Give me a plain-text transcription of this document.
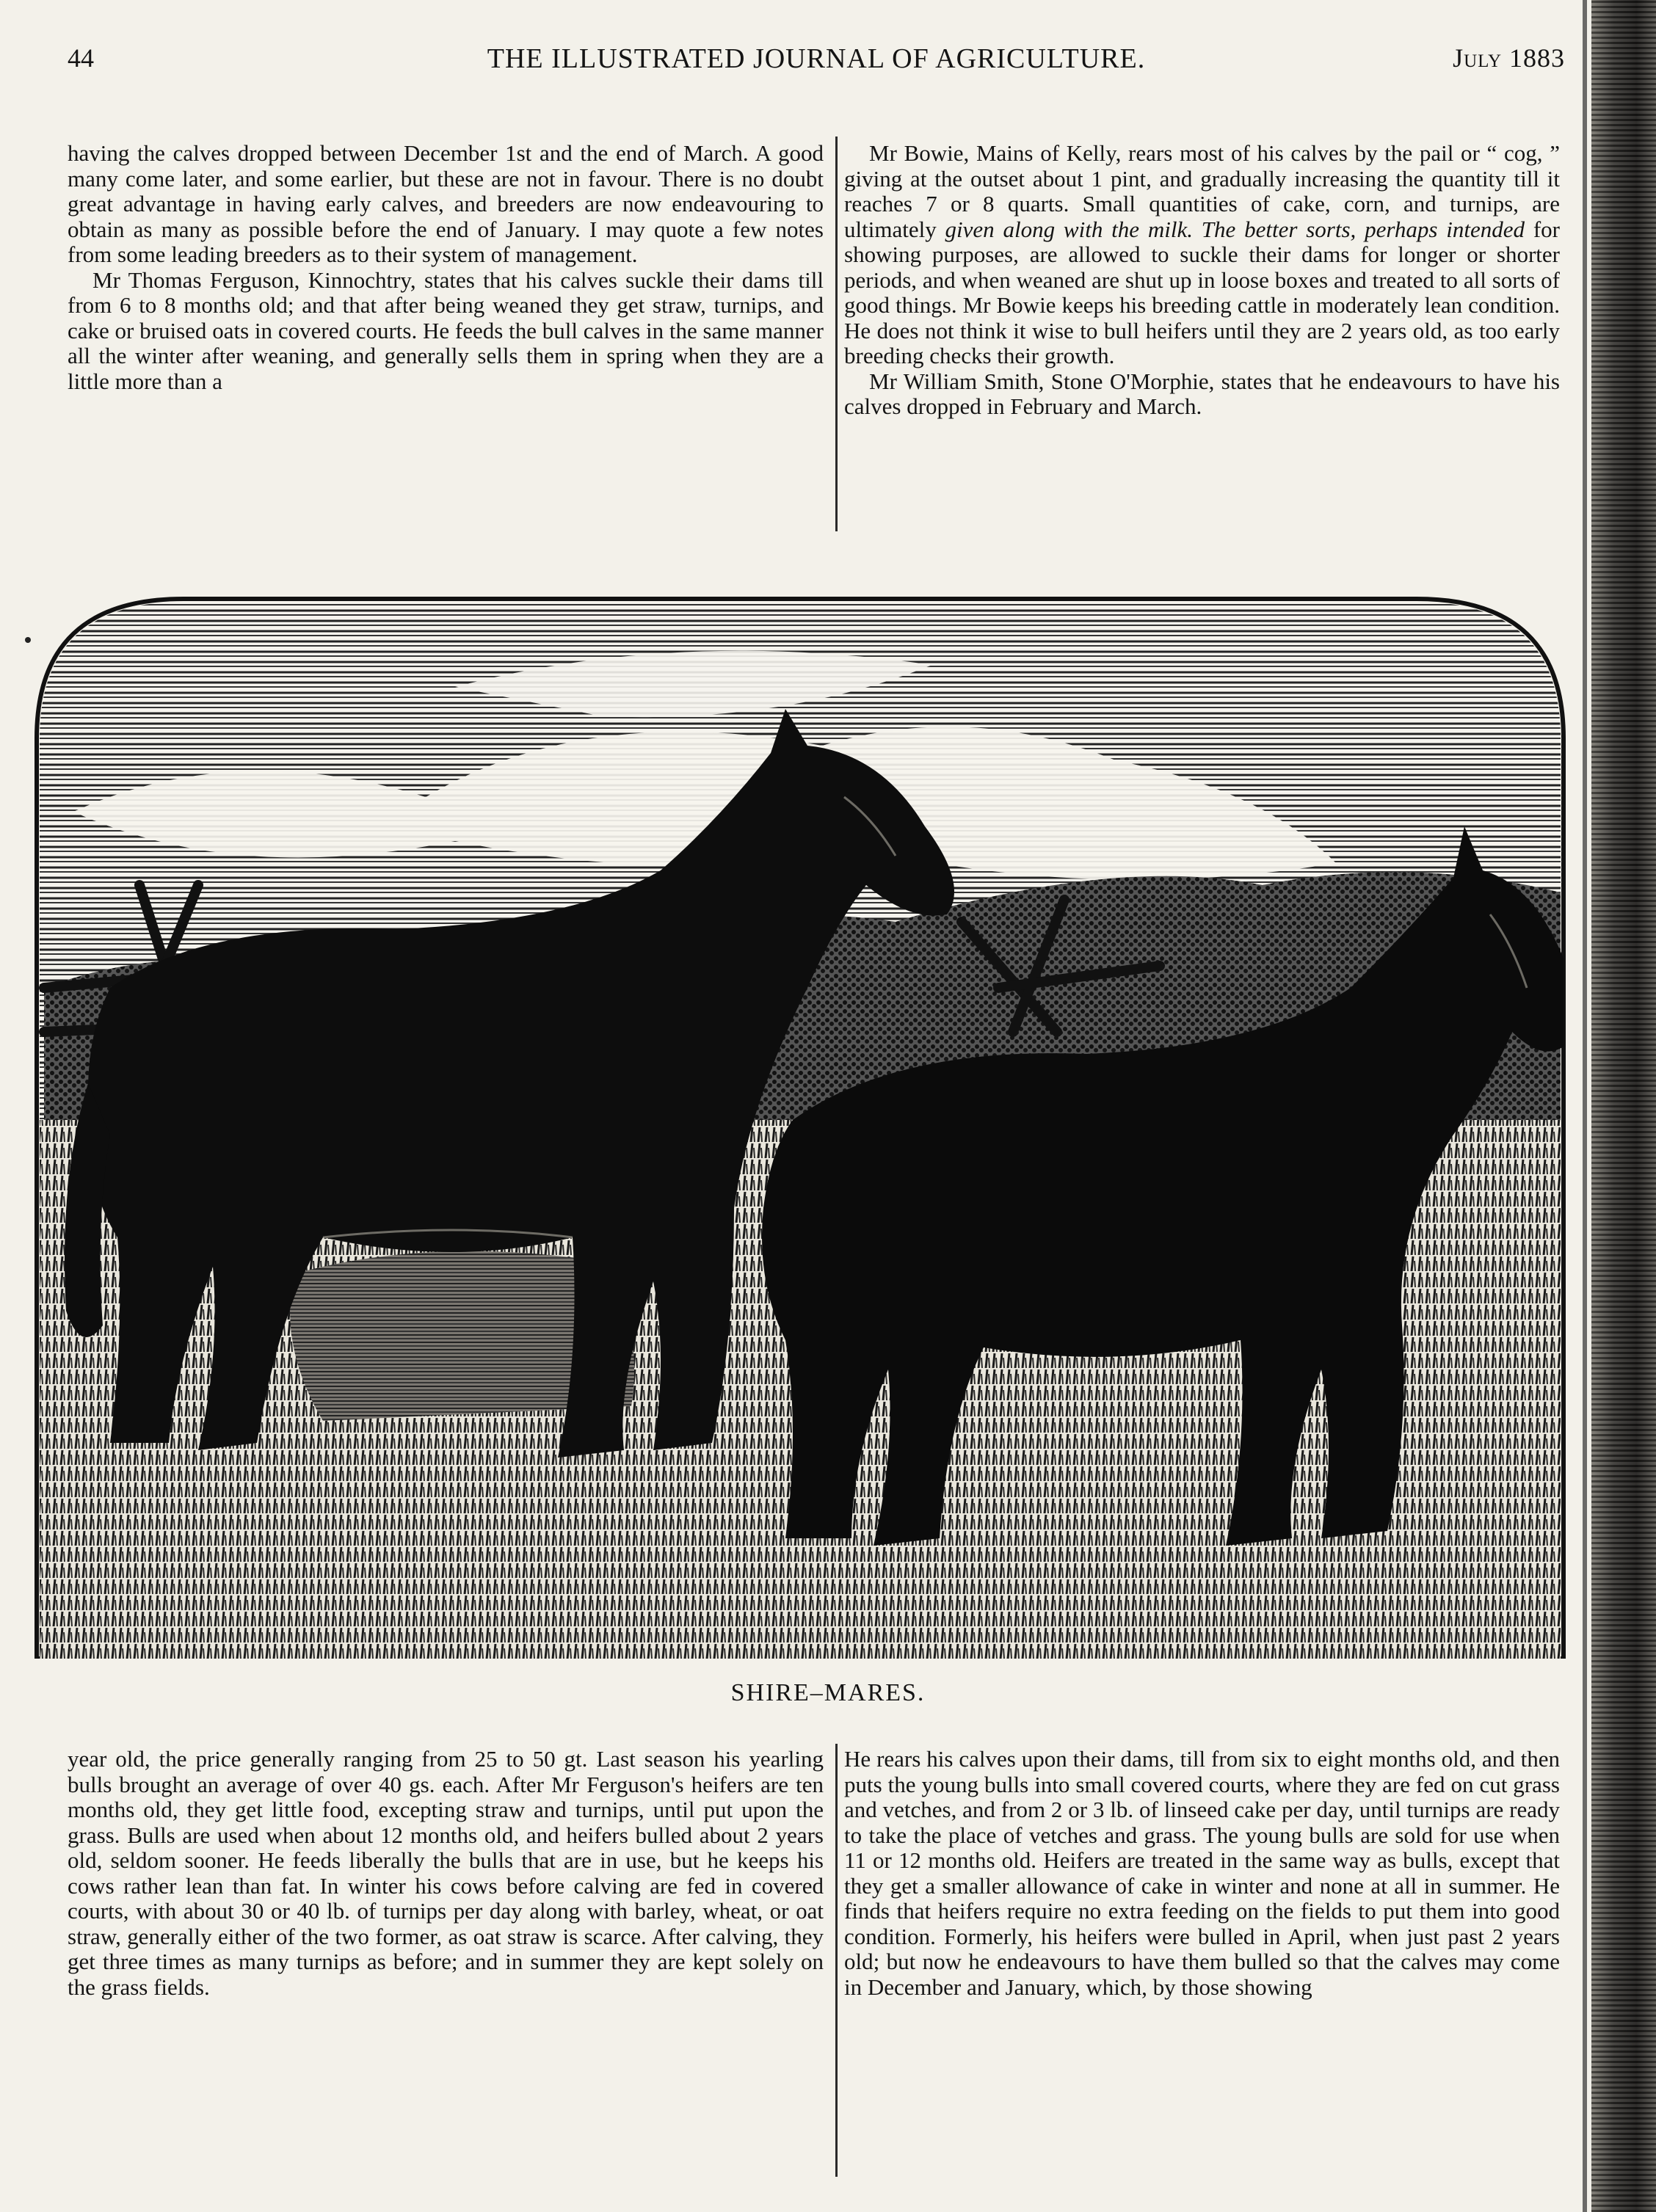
44	THE ILLUSTRATED JOURNAL OF AGRICULTURE.	July 1883

having the calves dropped between December 1st and the end of March. A good many come later, and some earlier, but these are not in favour. There is no doubt great advantage in having early calves, and breeders are now endeavouring to obtain as many as possible before the end of January. I may quote a few notes from some leading breeders as to their system of management.

Mr Thomas Ferguson, Kinnochtry, states that his calves suckle their dams till from 6 to 8 months old; and that after being weaned they get straw, turnips, and cake or bruised oats in covered courts. He feeds the bull calves in the same manner all the winter after weaning, and generally sells them in spring when they are a little more than a

Mr Bowie, Mains of Kelly, rears most of his calves by the pail or “ cog, ” giving at the outset about 1 pint, and gradually increasing the quantity till it reaches 7 or 8 quarts. Small quantities of cake, corn, and turnips, are ultimately given along with the milk. The better sorts, perhaps intended for showing purposes, are allowed to suckle their dams for longer or shorter periods, and when weaned are shut up in loose boxes and treated to all sorts of good things. Mr Bowie keeps his breeding cattle in moderately lean condition. He does not think it wise to bull heifers until they are 2 years old, as too early breeding checks their growth.

Mr William Smith, Stone O'Morphie, states that he endeavours to have his calves dropped in February and March.

SHIRE–MARES.

year old, the price generally ranging from 25 to 50 gt. Last season his yearling bulls brought an average of over 40 gs. each. After Mr Ferguson's heifers are ten months old, they get little food, excepting straw and turnips, until put upon the grass. Bulls are used when about 12 months old, and heifers bulled about 2 years old, seldom sooner. He feeds liberally the bulls that are in use, but he keeps his cows rather lean than fat. In winter his cows before calving are fed in covered courts, with about 30 or 40 lb. of turnips per day along with barley, wheat, or oat straw, generally either of the two former, as oat straw is scarce. After calving, they get three times as many turnips as before; and in summer they are kept solely on the grass fields.

He rears his calves upon their dams, till from six to eight months old, and then puts the young bulls into small covered courts, where they are fed on cut grass and vetches, and from 2 or 3 lb. of linseed cake per day, until turnips are ready to take the place of vetches and grass. The young bulls are sold for use when 11 or 12 months old. Heifers are treated in the same way as bulls, except that they get a smaller allowance of cake in winter and none at all in summer. He finds that heifers require no extra feeding on the fields to put them into good condition. Formerly, his heifers were bulled in April, when just past 2 years old; but now he endeavours to have them bulled so that the calves may come in December and January, which, by those showing
